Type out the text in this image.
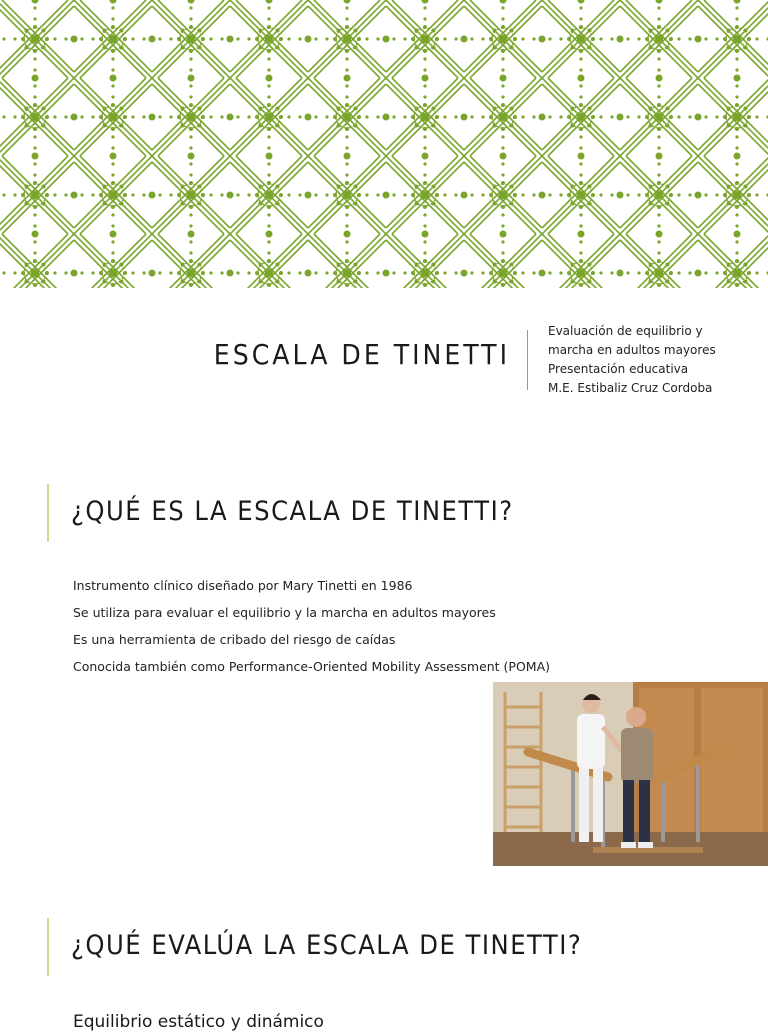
ESCALA DE TINETTI
Evaluación de equilibrio y
marcha en adultos mayores
Presentación educativa
M.E. Estibaliz Cruz Cordoba
¿QUÉ ES LA ESCALA DE TINETTI?
Instrumento clínico diseñado por Mary Tinetti en 1986
Se utiliza para evaluar el equilibrio y la marcha en adultos mayores
Es una herramienta de cribado del riesgo de caídas
Conocida también como Performance-Oriented Mobility Assessment (POMA)
¿QUÉ EVALÚA LA ESCALA DE TINETTI?
Equilibrio estático y dinámico
